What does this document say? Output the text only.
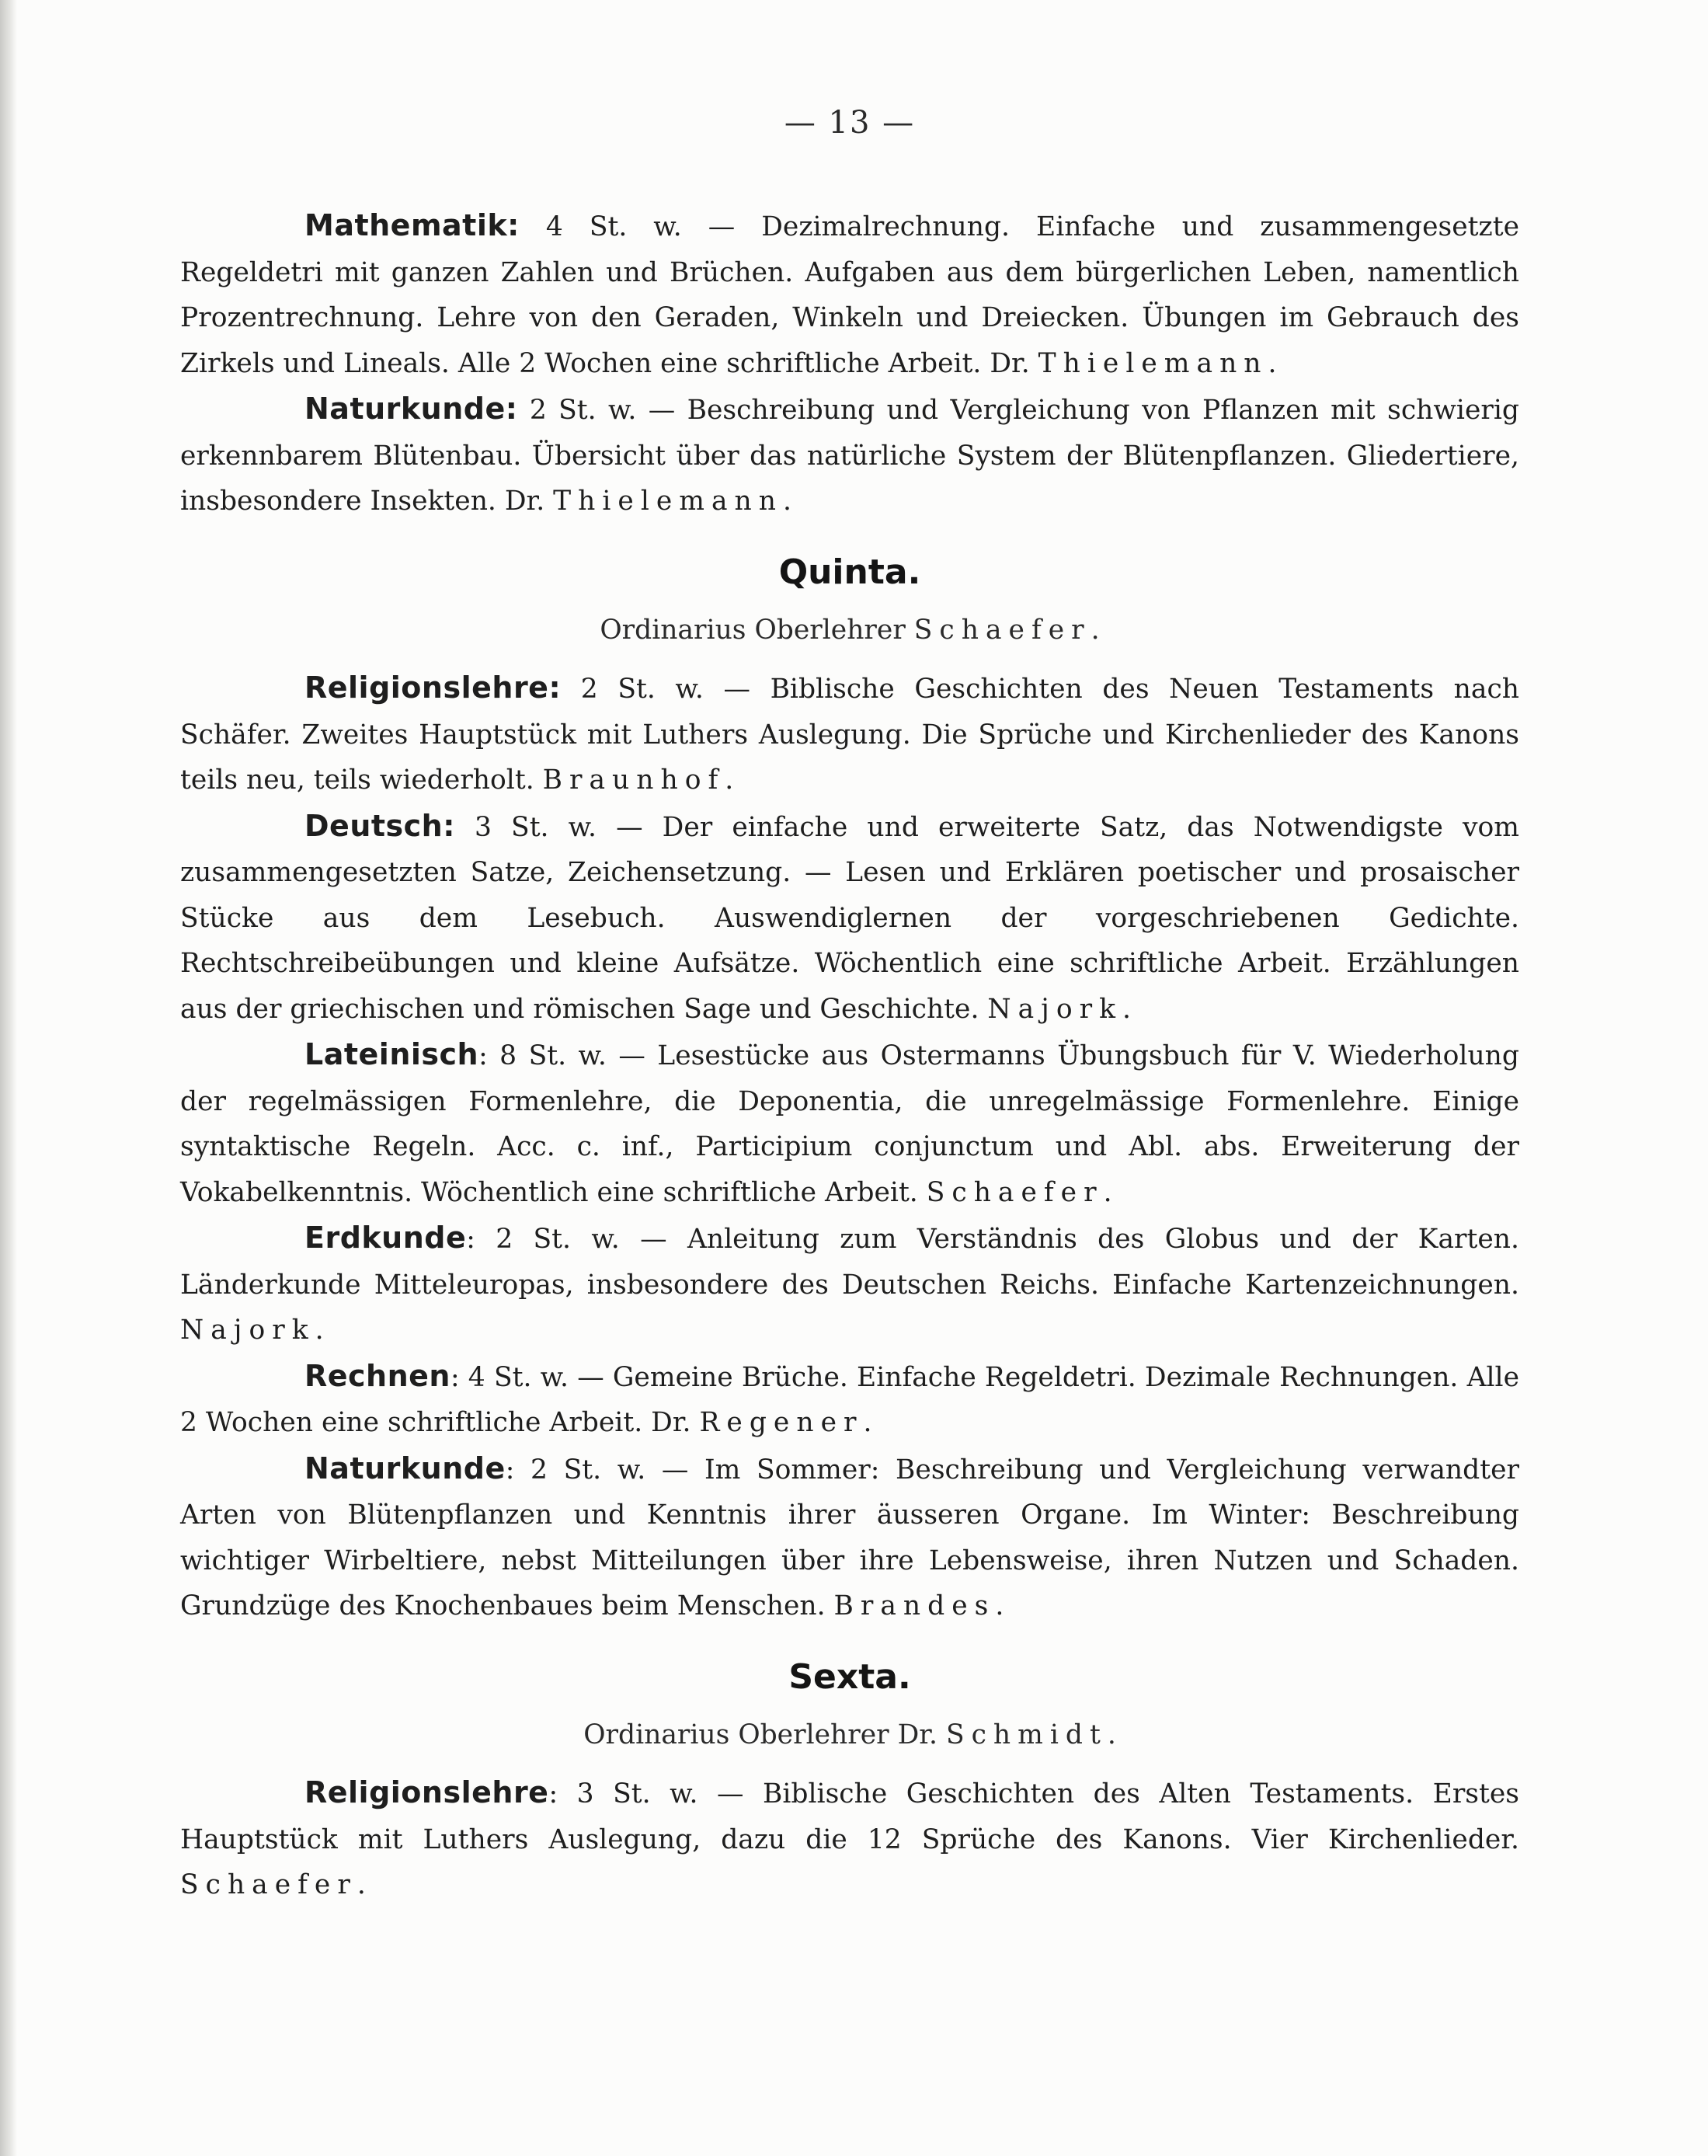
— 13 —

Mathematik: 4 St. w. — Dezimalrechnung. Einfache und zusammengesetzte Regeldetri mit ganzen Zahlen und Brüchen. Aufgaben aus dem bürgerlichen Leben, namentlich Prozentrechnung. Lehre von den Geraden, Winkeln und Dreiecken. Übungen im Gebrauch des Zirkels und Lineals. Alle 2 Wochen eine schriftliche Arbeit. Dr. Thielemann.

Naturkunde: 2 St. w. — Beschreibung und Vergleichung von Pflanzen mit schwierig erkennbarem Blütenbau. Übersicht über das natürliche System der Blütenpflanzen. Gliedertiere, insbesondere Insekten. Dr. Thielemann.

Quinta.
Ordinarius Oberlehrer Schaefer.

Religionslehre: 2 St. w. — Biblische Geschichten des Neuen Testaments nach Schäfer. Zweites Hauptstück mit Luthers Auslegung. Die Sprüche und Kirchenlieder des Kanons teils neu, teils wiederholt. Braunhof.

Deutsch: 3 St. w. — Der einfache und erweiterte Satz, das Notwendigste vom zusammengesetzten Satze, Zeichensetzung. — Lesen und Erklären poetischer und prosaischer Stücke aus dem Lesebuch. Auswendiglernen der vorgeschriebenen Gedichte. Rechtschreibeübungen und kleine Aufsätze. Wöchentlich eine schriftliche Arbeit. Erzählungen aus der griechischen und römischen Sage und Geschichte. Najork.

Lateinisch: 8 St. w. — Lesestücke aus Ostermanns Übungsbuch für V. Wiederholung der regelmässigen Formenlehre, die Deponentia, die unregelmässige Formenlehre. Einige syntaktische Regeln. Acc. c. inf., Participium conjunctum und Abl. abs. Erweiterung der Vokabelkenntnis. Wöchentlich eine schriftliche Arbeit. Schaefer.

Erdkunde: 2 St. w. — Anleitung zum Verständnis des Globus und der Karten. Länderkunde Mitteleuropas, insbesondere des Deutschen Reichs. Einfache Kartenzeichnungen. Najork.

Rechnen: 4 St. w. — Gemeine Brüche. Einfache Regeldetri. Dezimale Rechnungen. Alle 2 Wochen eine schriftliche Arbeit. Dr. Regener.

Naturkunde: 2 St. w. — Im Sommer: Beschreibung und Vergleichung verwandter Arten von Blütenpflanzen und Kenntnis ihrer äusseren Organe. Im Winter: Beschreibung wichtiger Wirbeltiere, nebst Mitteilungen über ihre Lebensweise, ihren Nutzen und Schaden. Grundzüge des Knochenbaues beim Menschen. Brandes.

Sexta.
Ordinarius Oberlehrer Dr. Schmidt.

Religionslehre: 3 St. w. — Biblische Geschichten des Alten Testaments. Erstes Hauptstück mit Luthers Auslegung, dazu die 12 Sprüche des Kanons. Vier Kirchenlieder. Schaefer.
